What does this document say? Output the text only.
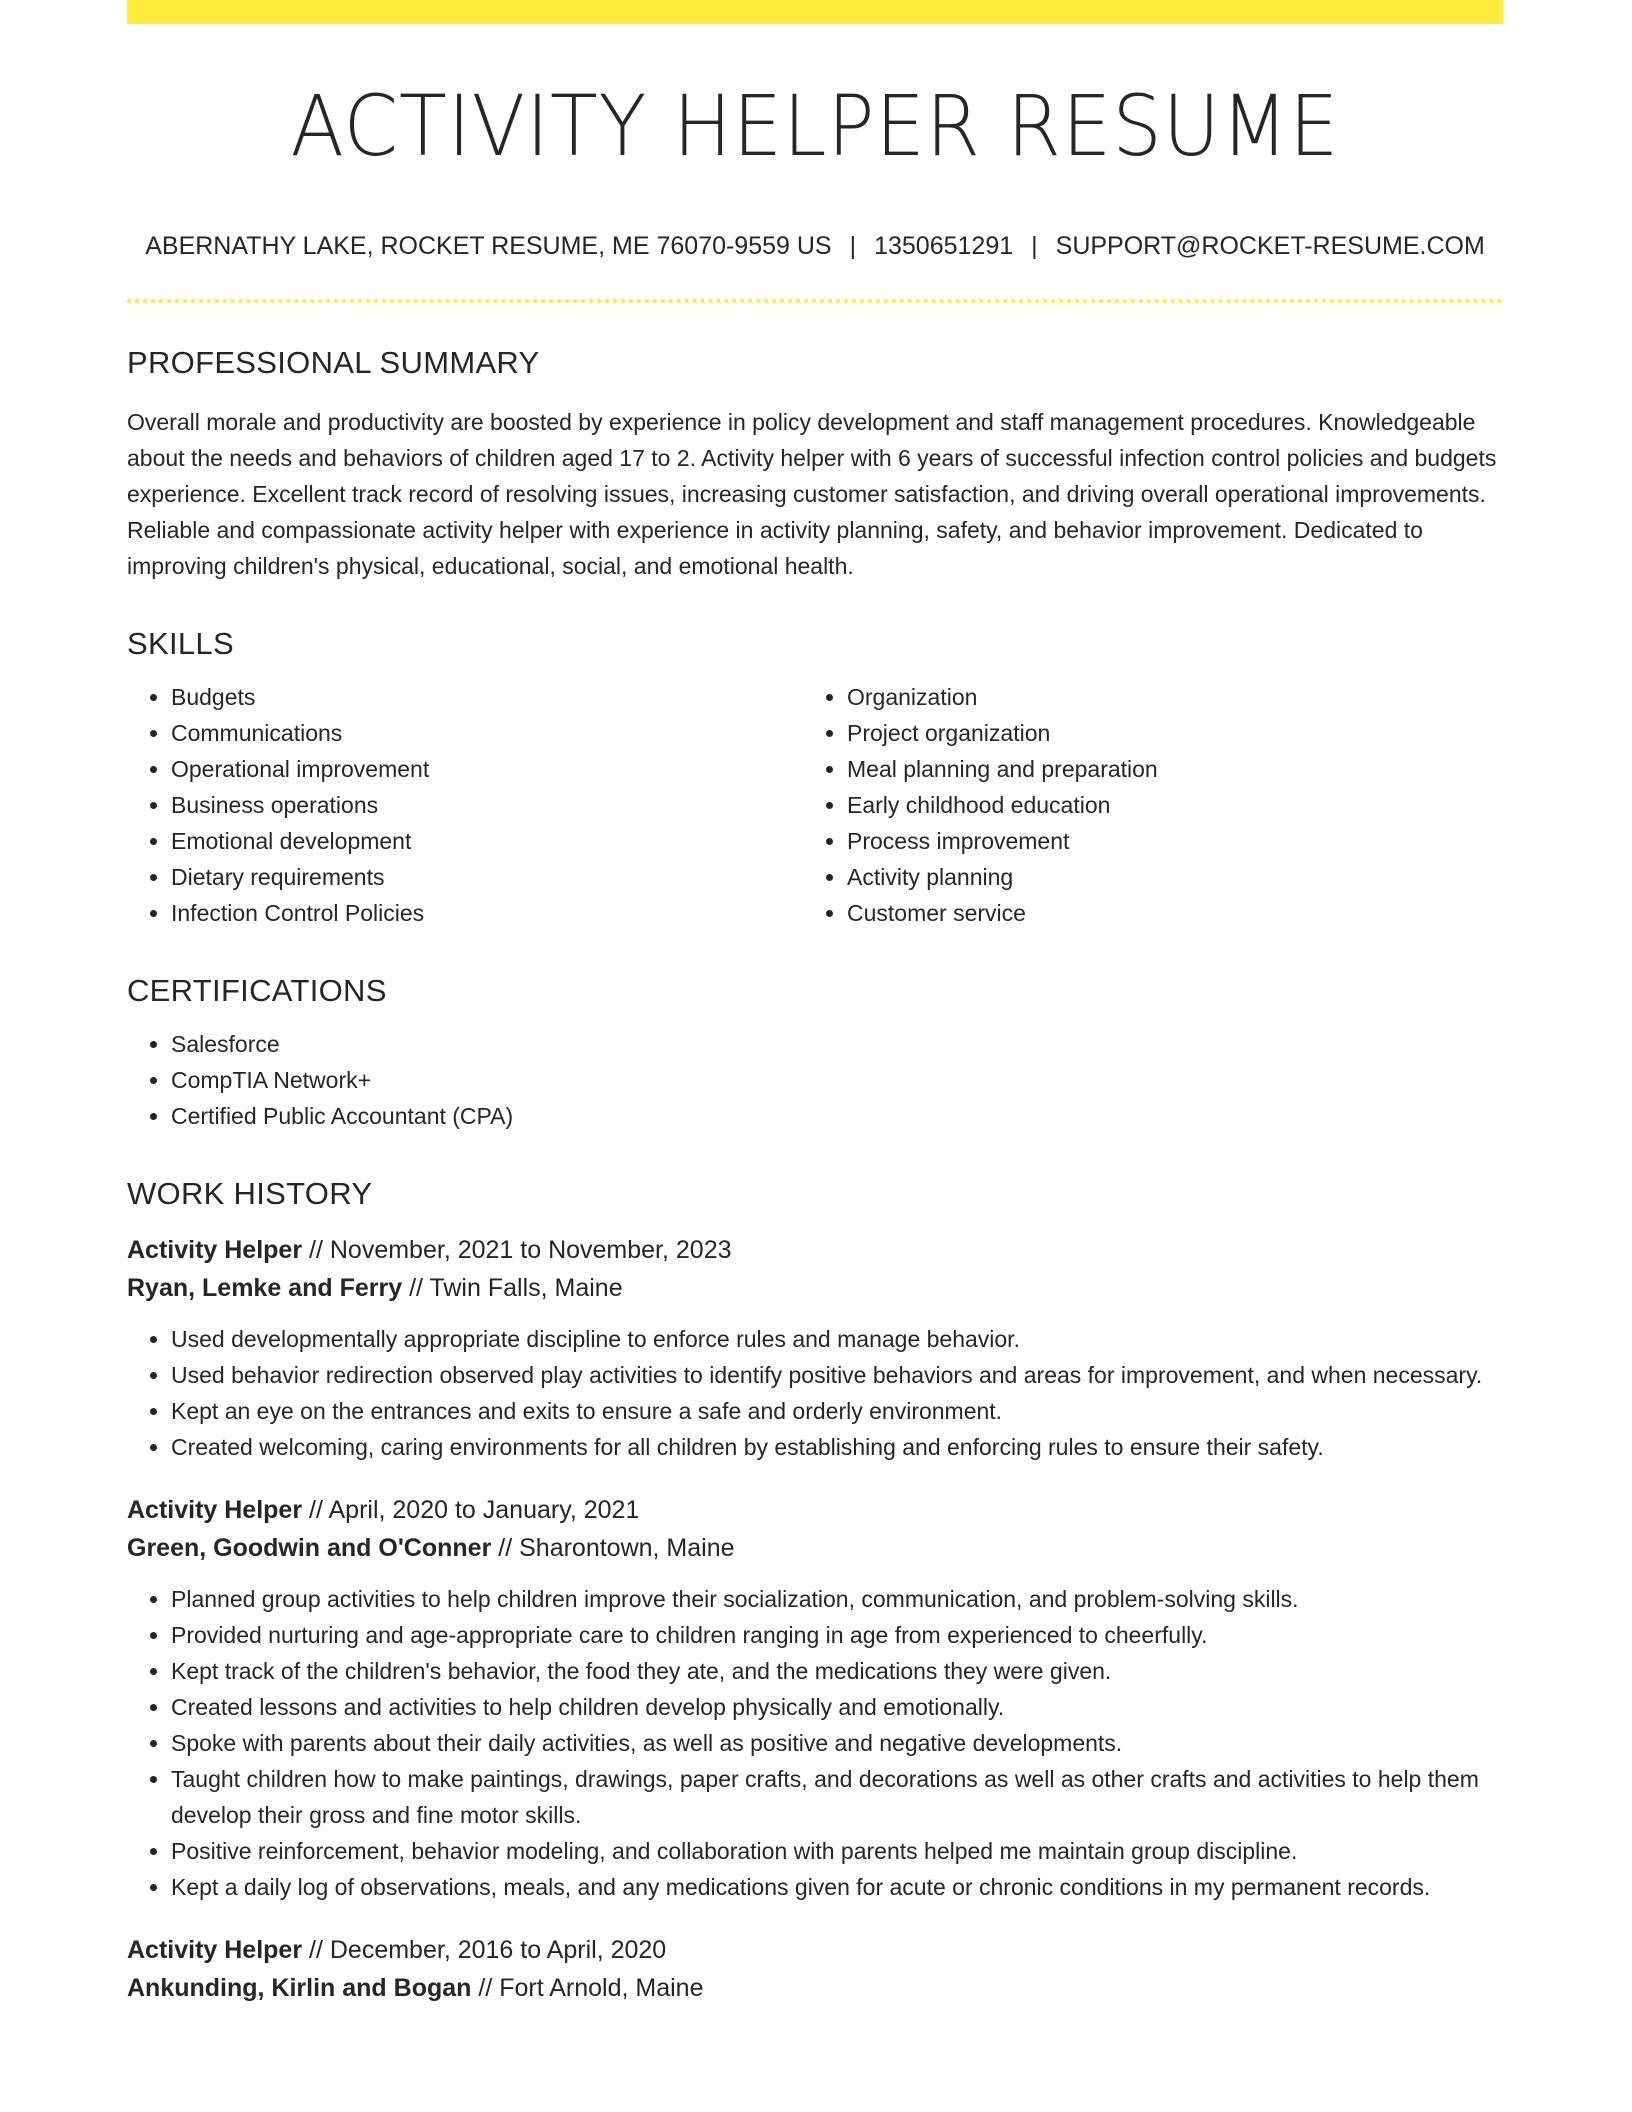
ACTIVITY HELPER RESUME
ABERNATHY LAKE, ROCKET RESUME, ME 76070-9559 US | 1350651291 | SUPPORT@ROCKET-RESUME.COM
PROFESSIONAL SUMMARY

Overall morale and productivity are boosted by experience in policy development and staff management procedures. Knowledgeable about the needs and behaviors of children aged 17 to 2. Activity helper with 6 years of successful infection control policies and budgets experience. Excellent track record of resolving issues, increasing customer satisfaction, and driving overall operational improvements. Reliable and compassionate activity helper with experience in activity planning, safety, and behavior improvement. Dedicated to improving children's physical, educational, social, and emotional health.

SKILLS
• Budgets
• Communications
• Operational improvement
• Business operations
• Emotional development
• Dietary requirements
• Infection Control Policies
• Organization
• Project organization
• Meal planning and preparation
• Early childhood education
• Process improvement
• Activity planning
• Customer service
CERTIFICATIONS
• Salesforce
• CompTIA Network+
• Certified Public Accountant (CPA)
WORK HISTORY
Activity Helper // November, 2021 to November, 2023
Ryan, Lemke and Ferry // Twin Falls, Maine
• Used developmentally appropriate discipline to enforce rules and manage behavior.
• Used behavior redirection observed play activities to identify positive behaviors and areas for improvement, and when necessary.
• Kept an eye on the entrances and exits to ensure a safe and orderly environment.
• Created welcoming, caring environments for all children by establishing and enforcing rules to ensure their safety.
Activity Helper // April, 2020 to January, 2021
Green, Goodwin and O'Conner // Sharontown, Maine
• Planned group activities to help children improve their socialization, communication, and problem-solving skills.
• Provided nurturing and age-appropriate care to children ranging in age from experienced to cheerfully.
• Kept track of the children's behavior, the food they ate, and the medications they were given.
• Created lessons and activities to help children develop physically and emotionally.
• Spoke with parents about their daily activities, as well as positive and negative developments.
• Taught children how to make paintings, drawings, paper crafts, and decorations as well as other crafts and activities to help them develop their gross and fine motor skills.
• Positive reinforcement, behavior modeling, and collaboration with parents helped me maintain group discipline.
• Kept a daily log of observations, meals, and any medications given for acute or chronic conditions in my permanent records.
Activity Helper // December, 2016 to April, 2020
Ankunding, Kirlin and Bogan // Fort Arnold, Maine
